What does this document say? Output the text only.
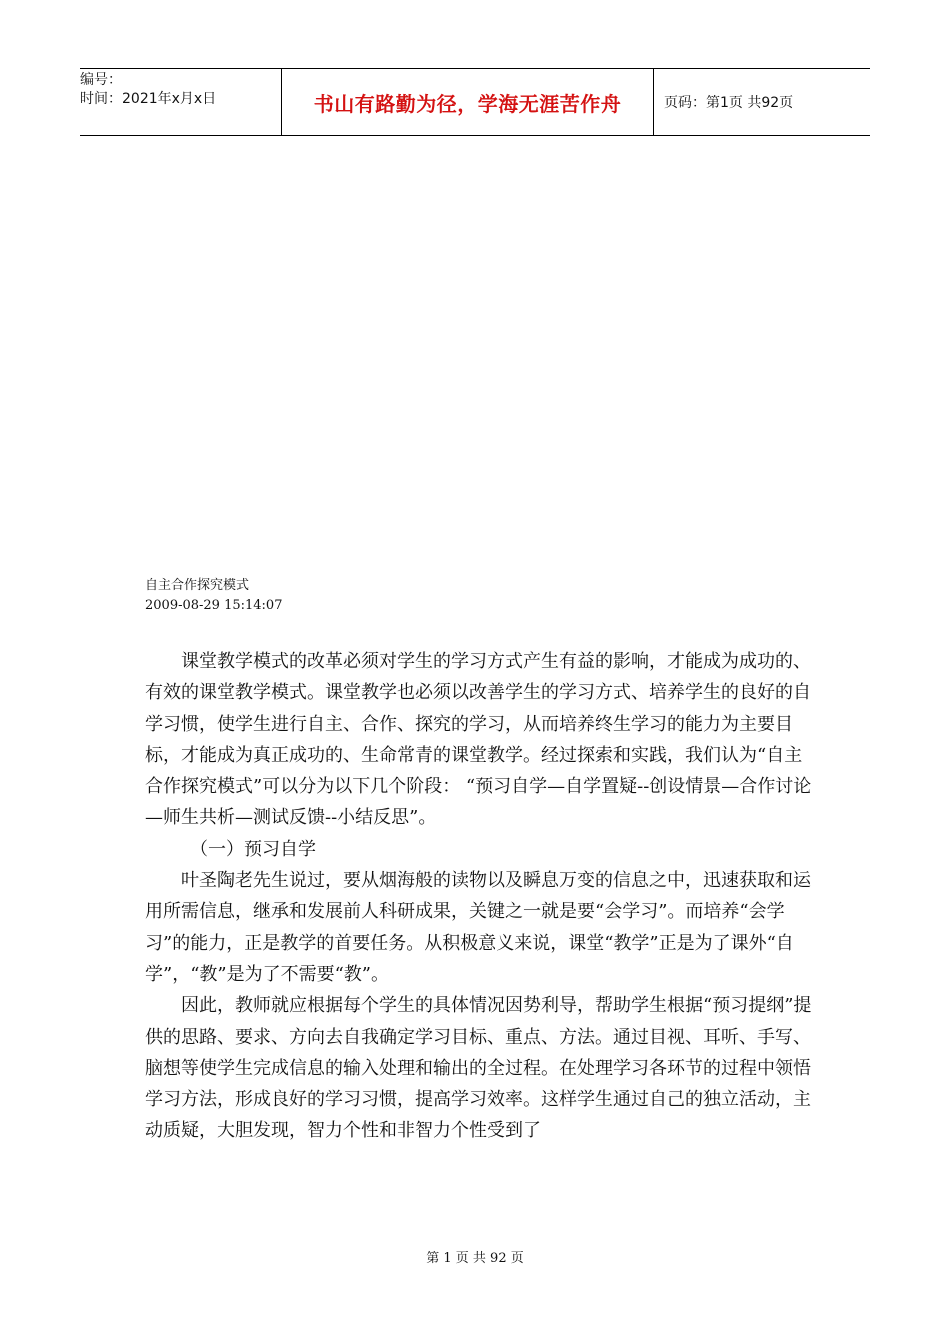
编号：
时间：2021年x月x日	书山有路勤为径，学海无涯苦作舟	页码：第1页 共92页
自主合作探究模式
2009-08-29 15:14:07

课堂教学模式的改革必须对学生的学习方式产生有益的影响，才能成为成功的、有效的课堂教学模式。课堂教学也必须以改善学生的学习方式、培养学生的良好的自学习惯，使学生进行自主、合作、探究的学习，从而培养终生学习的能力为主要目标，才能成为真正成功的、生命常青的课堂教学。经过探索和实践，我们认为“自主合作探究模式”可以分为以下几个阶段： “预习自学—自学置疑--创设情景—合作讨论—师生共析—测试反馈--小结反思”。

（一）预习自学

叶圣陶老先生说过，要从烟海般的读物以及瞬息万变的信息之中，迅速获取和运用所需信息，继承和发展前人科研成果，关键之一就是要“会学习”。而培养“会学习”的能力，正是教学的首要任务。从积极意义来说，课堂“教学”正是为了课外“自学”，“教”是为了不需要“教”。

因此，教师就应根据每个学生的具体情况因势利导，帮助学生根据“预习提纲”提供的思路、要求、方向去自我确定学习目标、重点、方法。通过目视、耳听、手写、脑想等使学生完成信息的输入处理和输出的全过程。在处理学习各环节的过程中领悟学习方法，形成良好的学习习惯，提高学习效率。这样学生通过自己的独立活动，主动质疑，大胆发现，智力个性和非智力个性受到了

第 1 页 共 92 页
